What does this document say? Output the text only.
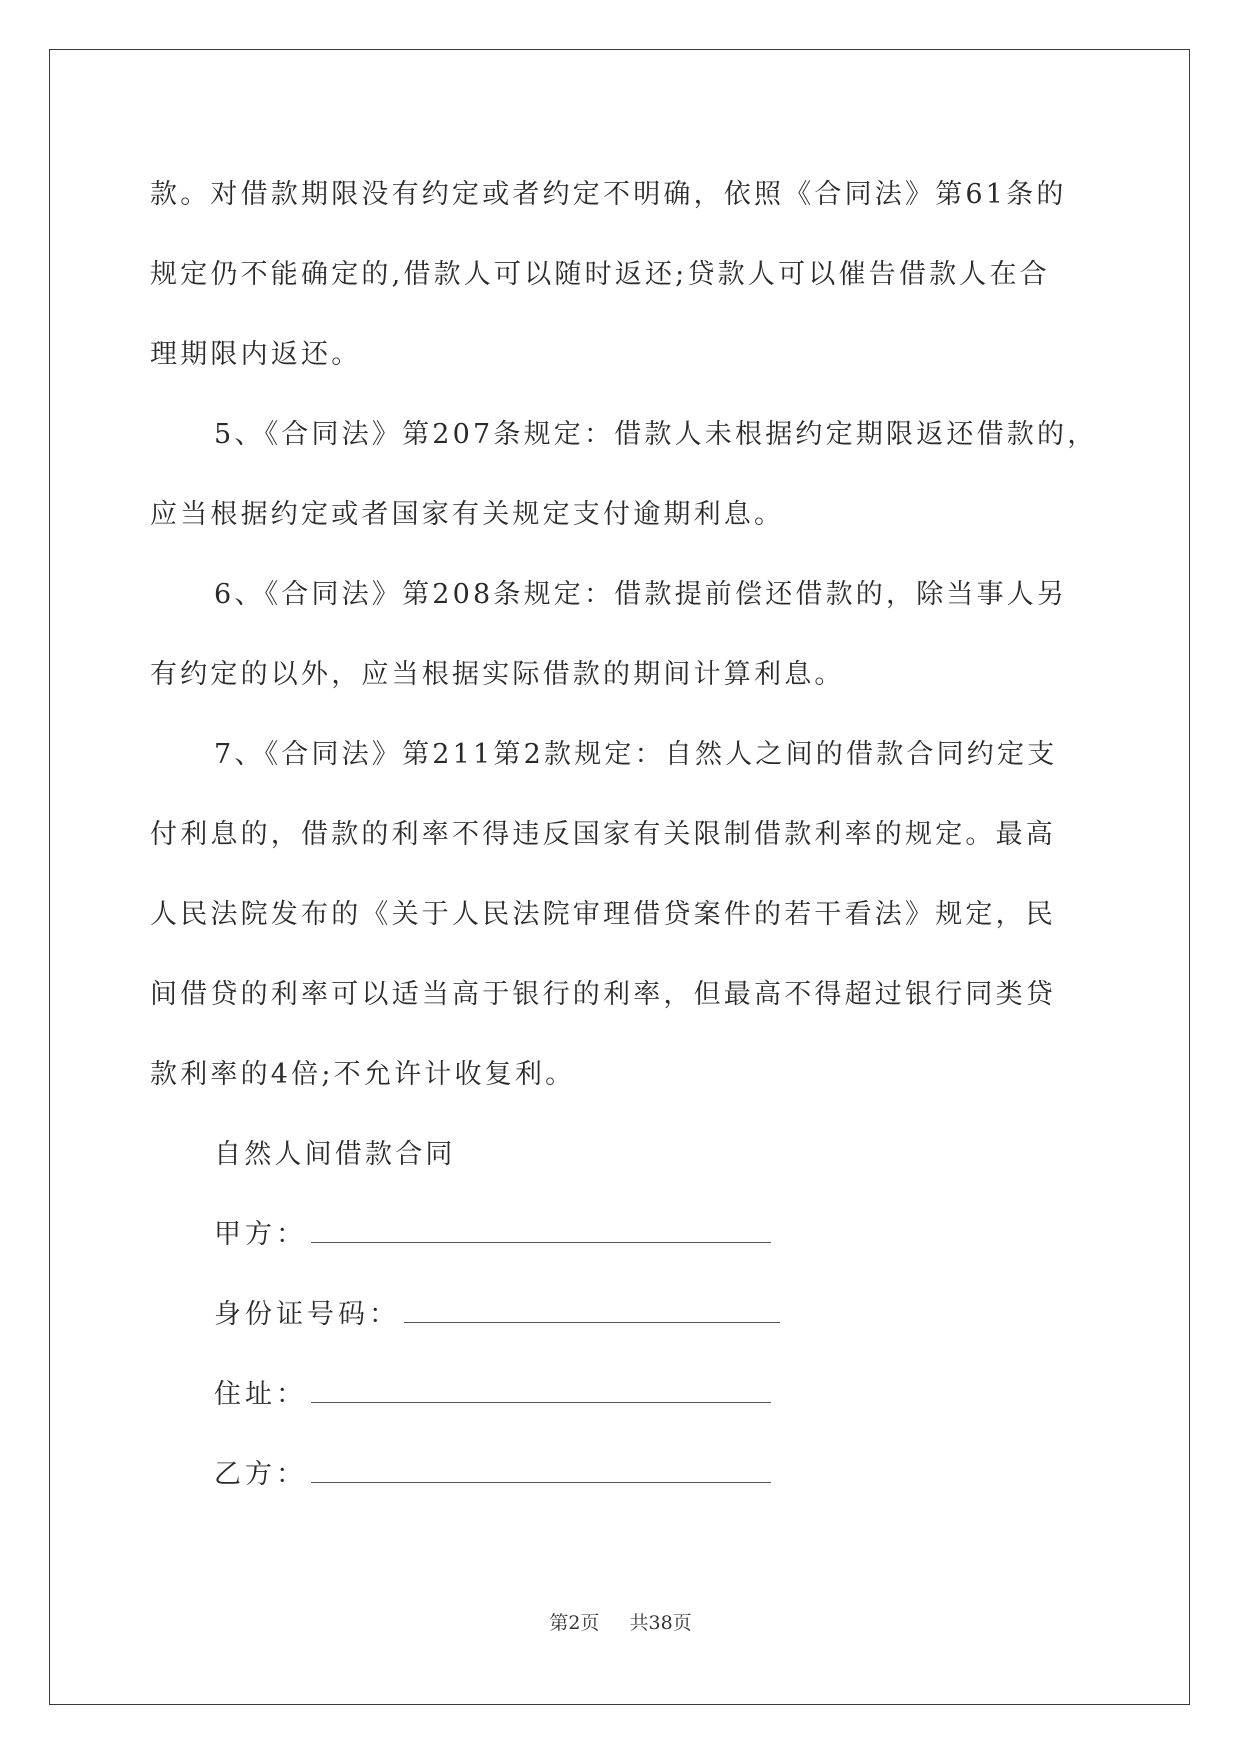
款。对借款期限没有约定或者约定不明确，依照《合同法》第61条的
规定仍不能确定的,借款人可以随时返还;贷款人可以催告借款人在合
理期限内返还。
5、《合同法》第207条规定：借款人未根据约定期限返还借款的，
应当根据约定或者国家有关规定支付逾期利息。
6、《合同法》第208条规定：借款提前偿还借款的，除当事人另
有约定的以外，应当根据实际借款的期间计算利息。
7、《合同法》第211第2款规定：自然人之间的借款合同约定支
付利息的，借款的利率不得违反国家有关限制借款利率的规定。最高
人民法院发布的《关于人民法院审理借贷案件的若干看法》规定，民
间借贷的利率可以适当高于银行的利率，但最高不得超过银行同类贷
款利率的4倍;不允许计收复利。
自然人间借款合同
甲方：
身份证号码：
住址：
乙方：
第2页 共38页
